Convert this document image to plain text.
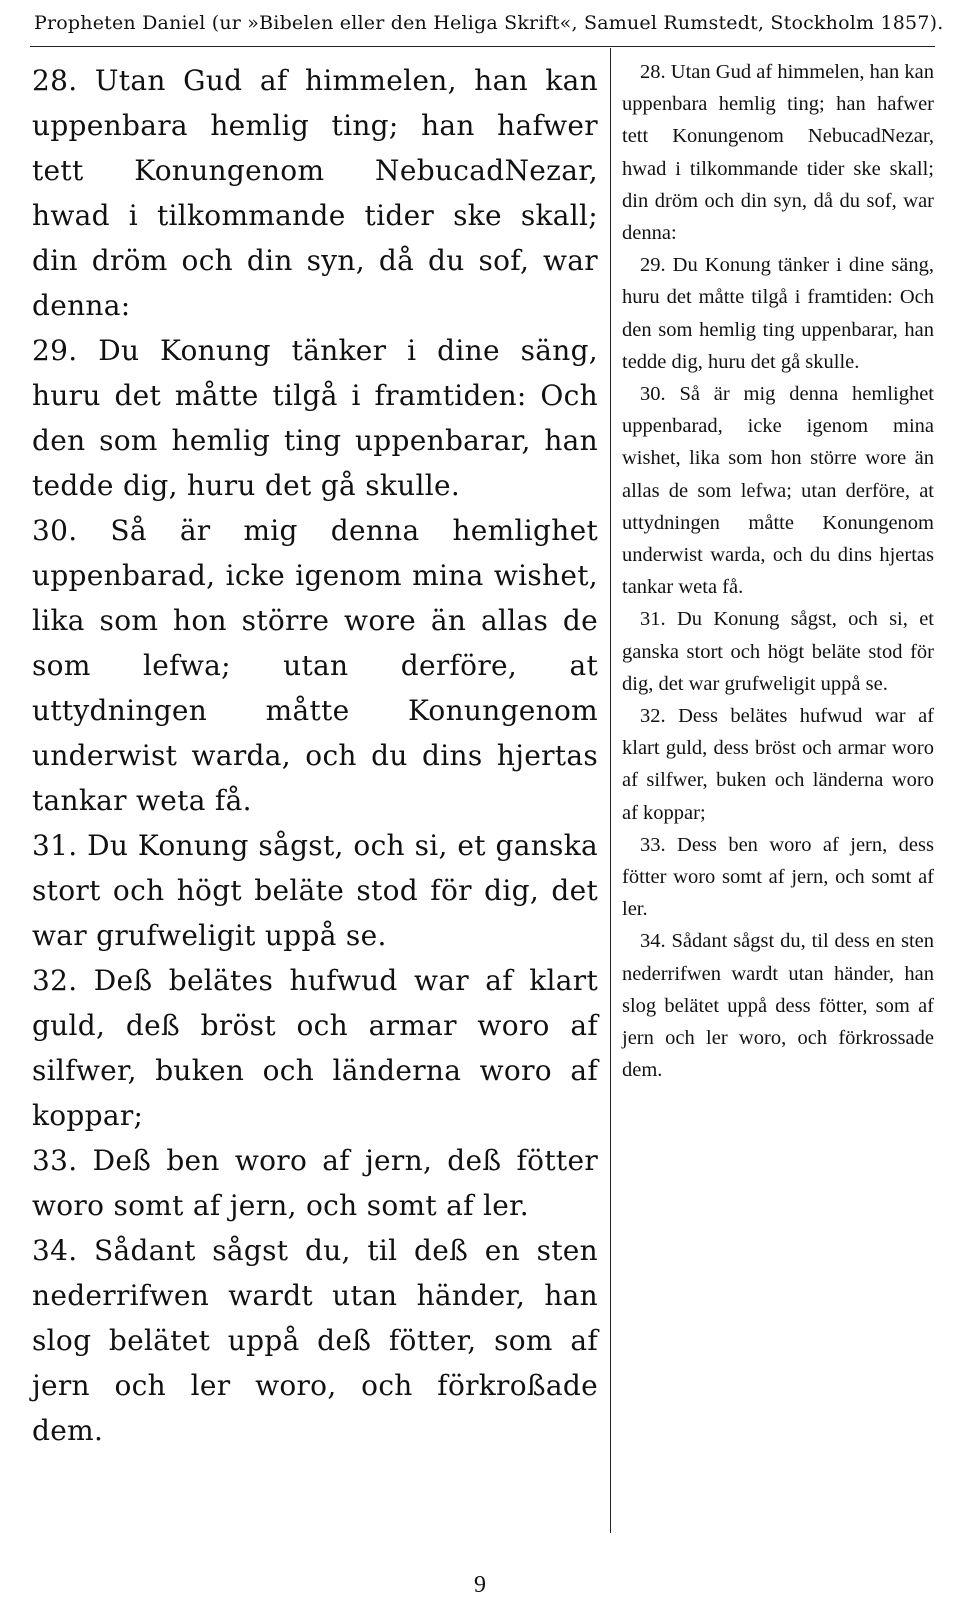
Propheten Daniel (ur »Bibelen eller den Heliga Skrift«, Samuel Rumstedt, Stockholm 1857).

28. Utan Gud af himmelen, han kan uppenbara hemlig ting; han hafwer tett Konungenom NebucadNezar, hwad i tilkommande tider ske skall; din dröm och din syn, då du sof, war denna:

29. Du Konung tänker i dine säng, huru det måtte tilgå i framtiden: Och den som hemlig ting uppenbarar, han tedde dig, huru det gå skulle.

30. Så är mig denna hemlighet uppenbarad, icke igenom mina wishet, lika som hon större wore än allas de som lefwa; utan derföre, at uttydningen måtte Konungenom underwist warda, och du dins hjertas tankar weta få.

31. Du Konung sågst, och si, et ganska stort och högt beläte stod för dig, det war grufweligit uppå se.

32. Deß belätes hufwud war af klart guld, deß bröst och armar woro af silfwer, buken och länderna woro af koppar;

33. Deß ben woro af jern, deß fötter woro somt af jern, och somt af ler.

34. Sådant sågst du, til deß en sten nederrifwen wardt utan händer, han slog belätet uppå deß fötter, som af jern och ler woro, och förkroßade dem.

28. Utan Gud af himmelen, han kan uppenbara hemlig ting; han hafwer tett Konungenom NebucadNezar, hwad i tilkommande tider ske skall; din dröm och din syn, då du sof, war denna:

29. Du Konung tänker i dine säng, huru det måtte tilgå i framtiden: Och den som hemlig ting uppenbarar, han tedde dig, huru det gå skulle.

30. Så är mig denna hemlighet uppenbarad, icke igenom mina wishet, lika som hon större wore än allas de som lefwa; utan derföre, at uttydningen måtte Konungenom underwist warda, och du dins hjertas tankar weta få.

31. Du Konung sågst, och si, et ganska stort och högt beläte stod för dig, det war grufweligit uppå se.

32. Dess belätes hufwud war af klart guld, dess bröst och armar woro af silfwer, buken och länderna woro af koppar;

33. Dess ben woro af jern, dess fötter woro somt af jern, och somt af ler.

34. Sådant sågst du, til dess en sten nederrifwen wardt utan händer, han slog belätet uppå dess fötter, som af jern och ler woro, och förkrossade dem.

9
